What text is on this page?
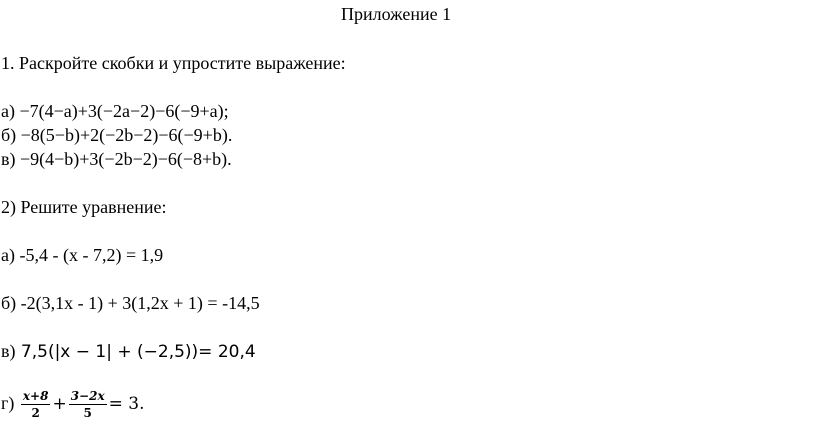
Приложение 1
1. Раскройте скобки и упростите выражение:
а) −7(4−a)+3(−2a−2)−6(−9+a);
б) −8(5−b)+2(−2b−2)−6(−9+b).
в) −9(4−b)+3(−2b−2)−6(−8+b).
2) Решите уравнение:
а) -5,4 - (x - 7,2) = 1,9
б) -2(3,1x - 1) + 3(1,2x + 1) = -14,5
в) 7,5(|x − 1| + (−2,5))= 20,4
$г) \frac{x+8}{2} + \frac{3-2x}{5} = 3$.
